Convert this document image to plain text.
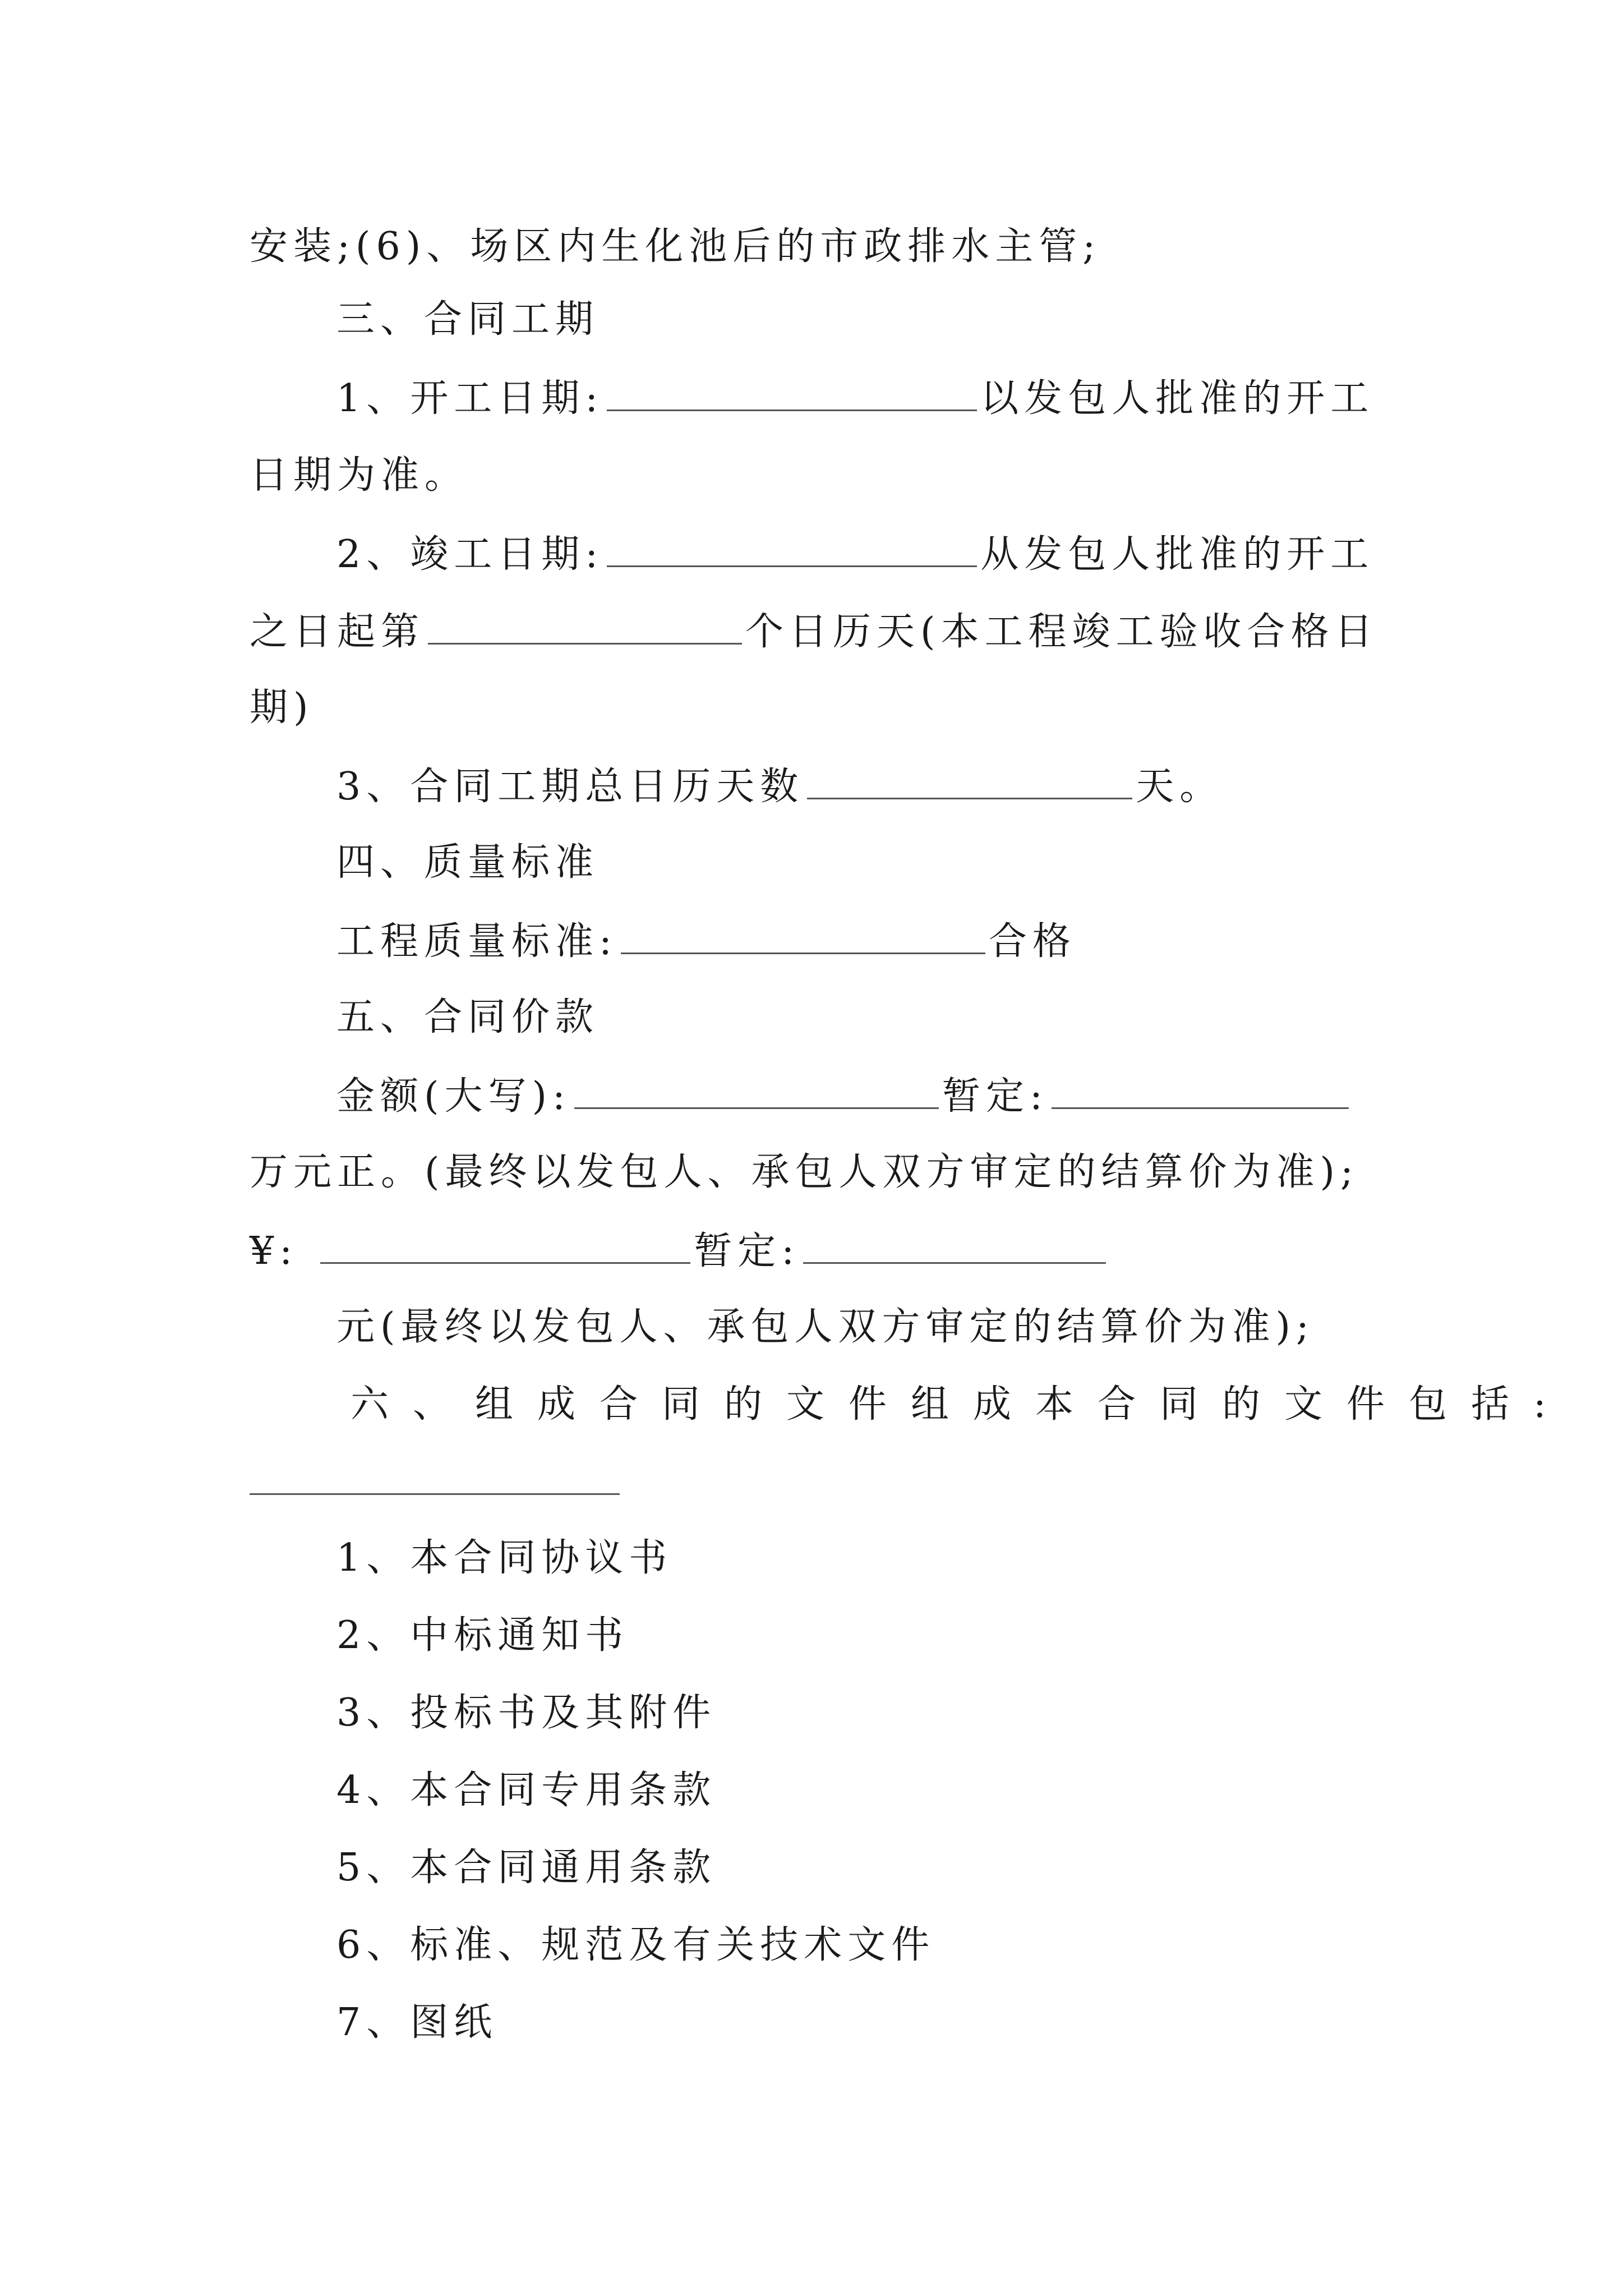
安装;(6)、场区内生化池后的市政排水主管;
三、合同工期
1、开工日期:	以发包人批准的开工
日期为准。
2、竣工日期:	从发包人批准的开工
之日起第	个日历天(本工程竣工验收合格日
期)
3、合同工期总日历天数	天。
四、质量标准
工程质量标准:	合格
五、合同价款
金额(大写):	暂定:
万元正。(最终以发包人、承包人双方审定的结算价为准);
¥:	暂定:
元(最终以发包人、承包人双方审定的结算价为准);
六、组成合同的文件组成本合同的文件包括:
1、本合同协议书
2、中标通知书
3、投标书及其附件
4、本合同专用条款
5、本合同通用条款
6、标准、规范及有关技术文件
7、图纸
